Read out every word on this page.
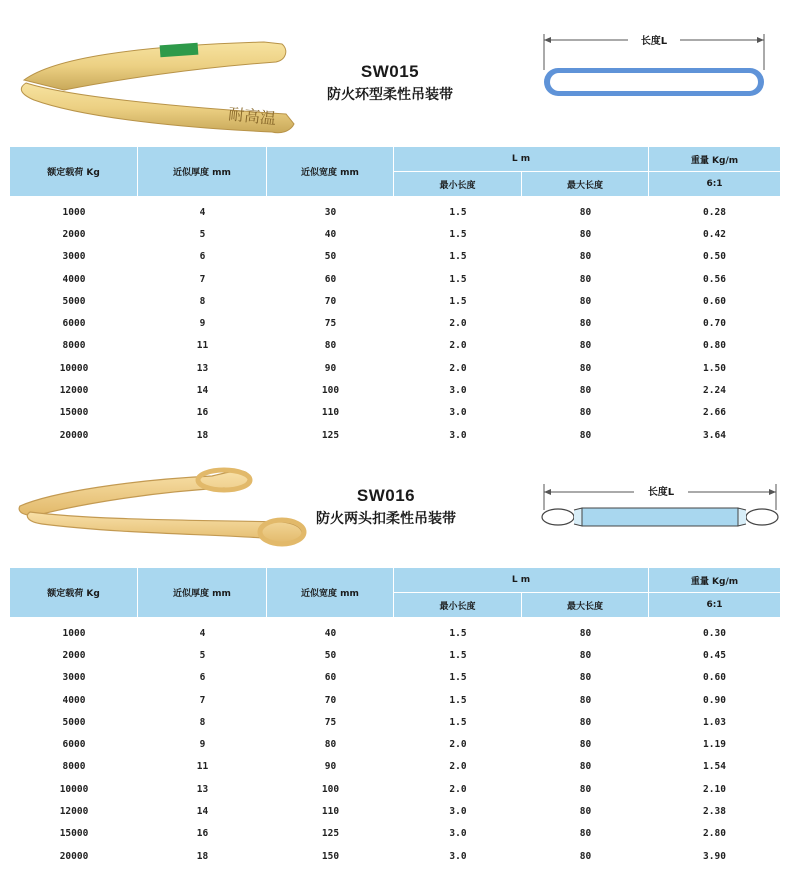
耐高温
SW015
防火环型柔性吊装带
长度L
额定载荷 Kg	近似厚度 mm	近似宽度 mm	L m		重量 Kg/m
			最小长度	最大长度	6:1
1000	4	30	1.5	80	0.28
2000	5	40	1.5	80	0.42
3000	6	50	1.5	80	0.50
4000	7	60	1.5	80	0.56
5000	8	70	1.5	80	0.60
6000	9	75	2.0	80	0.70
8000	11	80	2.0	80	0.80
10000	13	90	2.0	80	1.50
12000	14	100	3.0	80	2.24
15000	16	110	3.0	80	2.66
20000	18	125	3.0	80	3.64
SW016
防火两头扣柔性吊装带
长度L
额定载荷 Kg	近似厚度 mm	近似宽度 mm	L m		重量 Kg/m
			最小长度	最大长度	6:1
1000	4	40	1.5	80	0.30
2000	5	50	1.5	80	0.45
3000	6	60	1.5	80	0.60
4000	7	70	1.5	80	0.90
5000	8	75	1.5	80	1.03
6000	9	80	2.0	80	1.19
8000	11	90	2.0	80	1.54
10000	13	100	2.0	80	2.10
12000	14	110	3.0	80	2.38
15000	16	125	3.0	80	2.80
20000	18	150	3.0	80	3.90
